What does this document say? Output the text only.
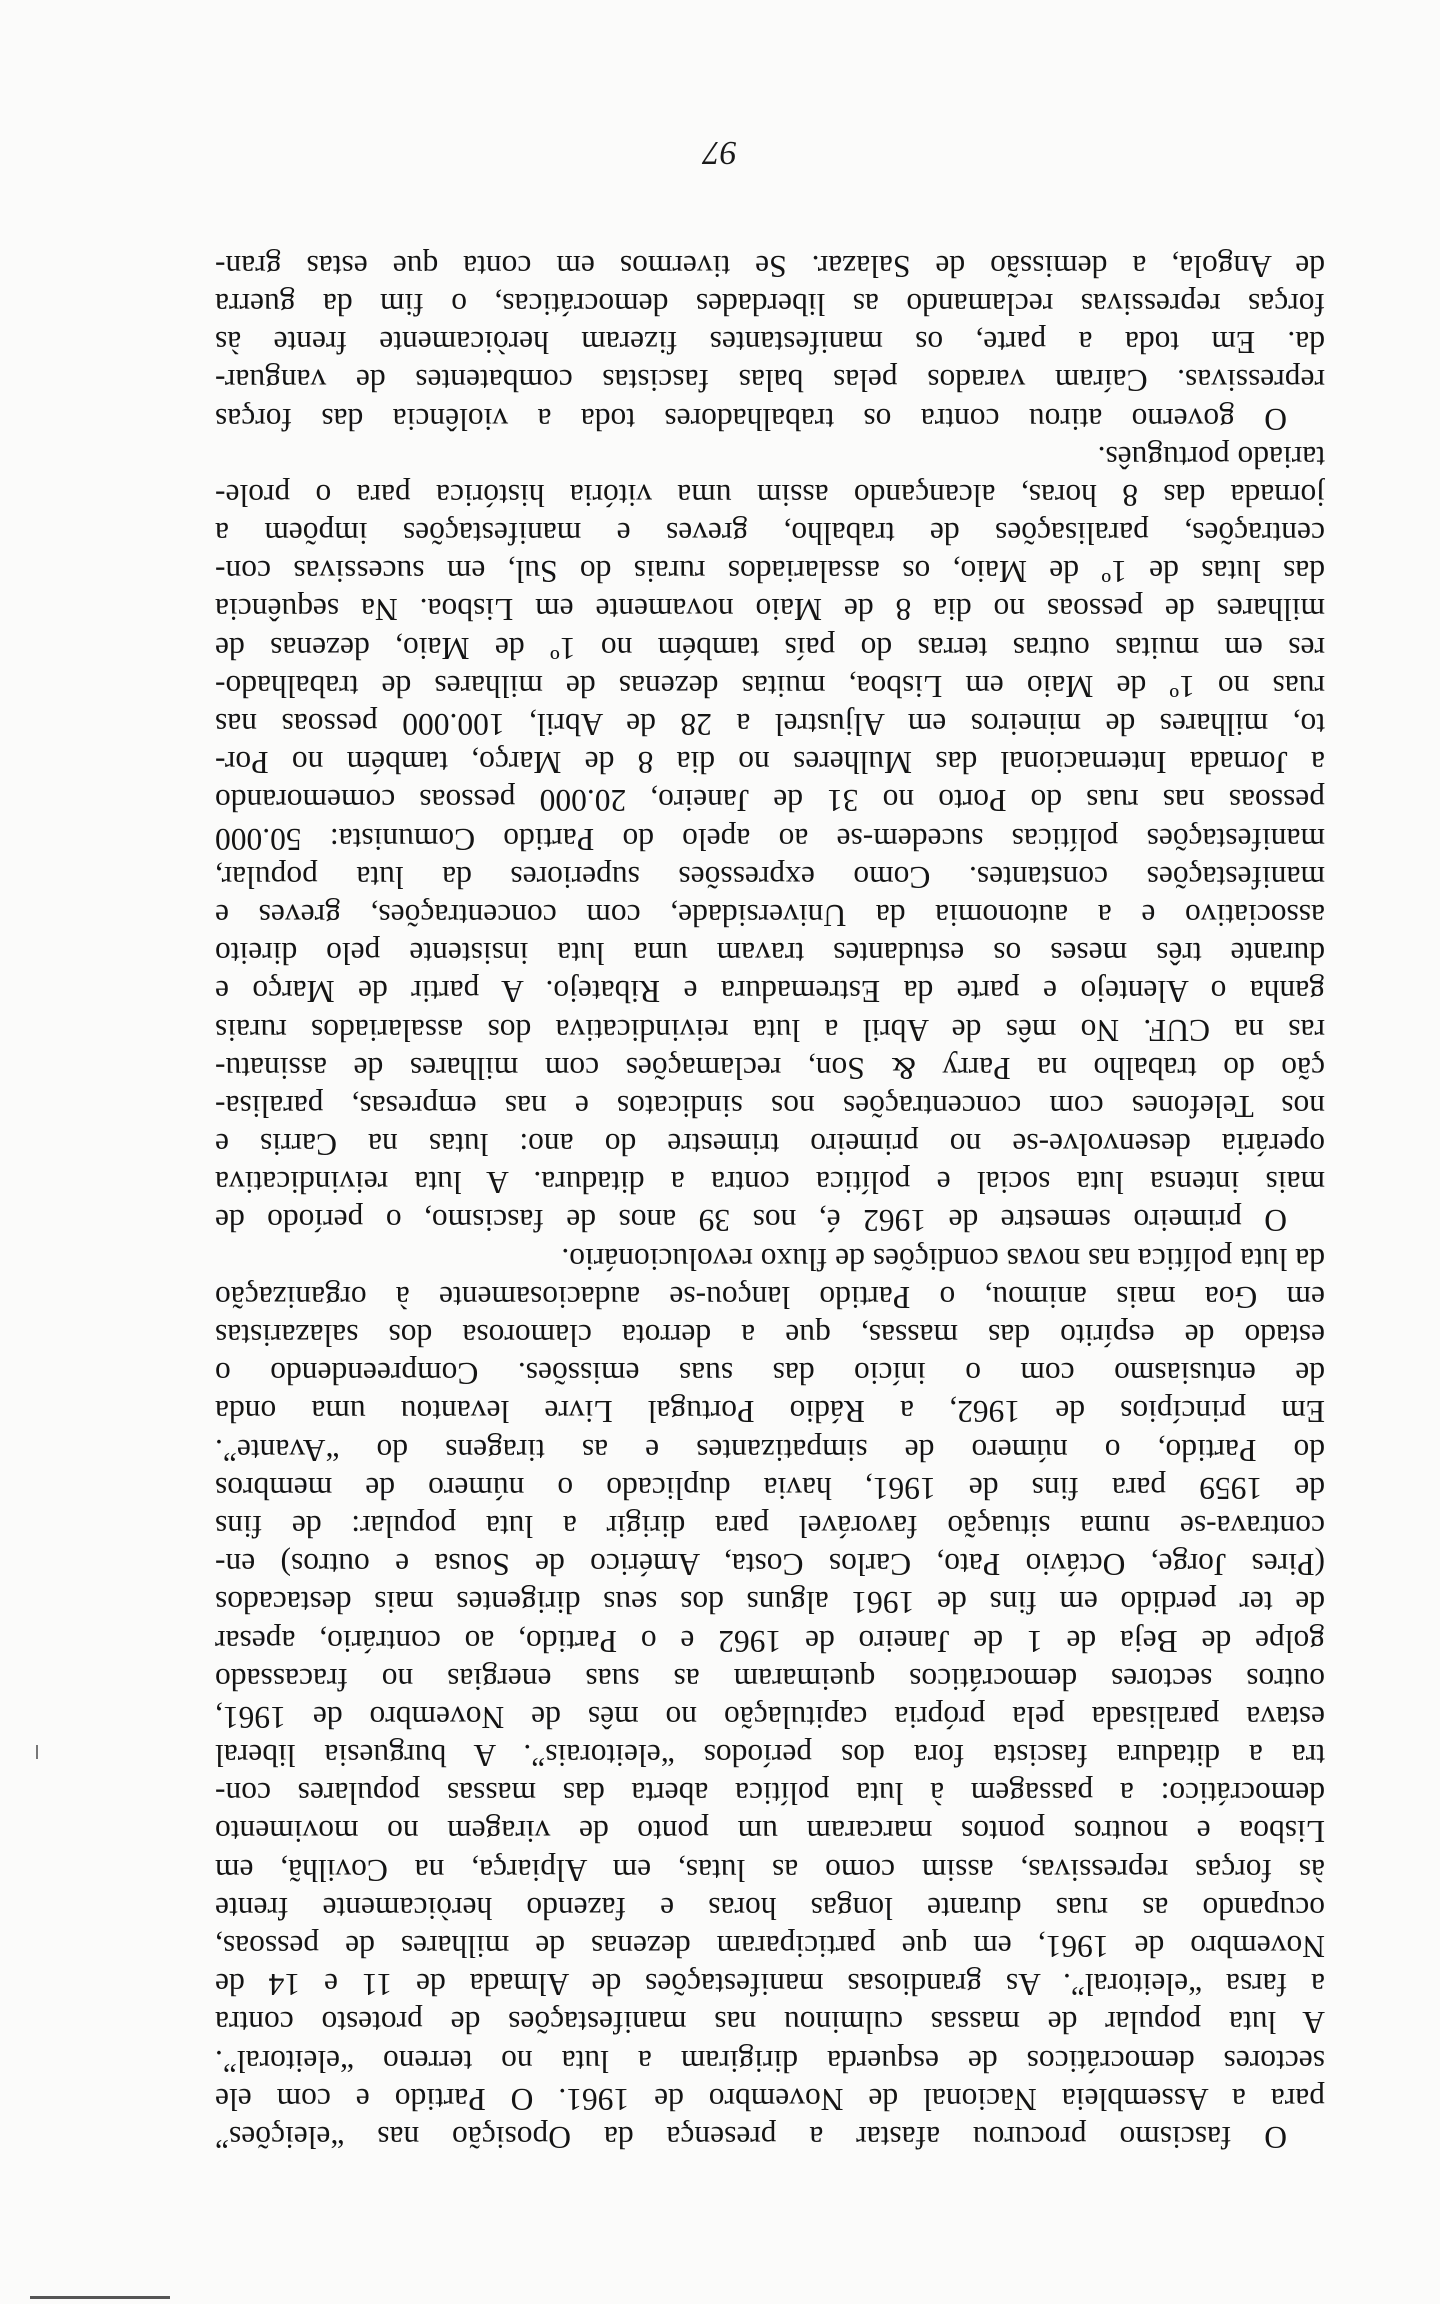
O fascismo procurou afastar a presença da Oposição nas “eleições”
para a Assembleia Nacional de Novembro de 1961. O Partido e com ele
sectores democráticos de esquerda dirigiram a luta no terreno “eleitoral”.
A luta popular de massas culminou nas manifestações de protesto contra
a farsa “eleitoral”. As grandiosas manifestações de Almada de 11 e 14 de
Novembro de 1961, em que participaram dezenas de milhares de pessoas,
ocupando as ruas durante longas horas e fazendo heròicamente frente
às forças repressivas, assim como as lutas, em Alpiarça, na Covilhã, em
Lisboa e noutros pontos marcaram um ponto de viragem no movimento
democrático: a passagem à luta política aberta das massas populares con-
tra a ditadura fascista fora dos períodos “eleitorais”. A burguesia liberal
estava paralisada pela própria capitulação no mês de Novembro de 1961,
outros sectores democráticos queimaram as suas energias no fracassado
golpe de Beja de 1 de Janeiro de 1962 e o Partido, ao contrário, apesar
de ter perdido em fins de 1961 alguns dos seus dirigentes mais destacados
(Pires Jorge, Octávio Pato, Carlos Costa, Américo de Sousa e outros) en-
contrava-se numa situação favorável para dirigir a luta popular: de fins
de 1959 para fins de 1961, havia duplicado o número de membros
do Partido, o número de simpatizantes e as tiragens do “Avante”.
Em princípios de 1962, a Rádio Portugal Livre levantou uma onda
de entusiasmo com o início das suas emissões. Compreendendo o
estado de espírito das massas, que a derrota clamorosa dos salazaristas
em Goa mais animou, o Partido lançou-se audaciosamente à organização
da luta política nas novas condições de fluxo revolucionário.
O primeiro semestre de 1962 é, nos 39 anos de fascismo, o período de
mais intensa luta social e política contra a ditadura. A luta reivindicativa
operária desenvolve-se no primeiro trimestre do ano: lutas na Carris e
nos Telefones com concentrações nos sindicatos e nas empresas, paralisa-
ção do trabalho na Parry & Son, reclamações com milhares de assinatu-
ras na CUF. No mês de Abril a luta reivindicativa dos assalariados rurais
ganha o Alentejo e parte da Estremadura e Ribatejo. A partir de Março e
durante três meses os estudantes travam uma luta insistente pelo direito
associativo e a autonomia da Universidade, com concentrações, greves e
manifestações constantes. Como expressões superiores da luta popular,
manifestações políticas sucedem-se ao apelo do Partido Comunista: 50.000
pessoas nas ruas do Porto no 31 de Janeiro, 20.000 pessoas comemorando
a Jornada Internacional das Mulheres no dia 8 de Março, também no Por-
to, milhares de mineiros em Aljustrel a 28 de Abril, 100.000 pessoas nas
ruas no 1º de Maio em Lisboa, muitas dezenas de milhares de trabalhado-
res em muitas outras terras do país também no 1º de Maio, dezenas de
milhares de pessoas no dia 8 de Maio novamente em Lisboa. Na sequência
das lutas de 1º de Maio, os assalariados rurais do Sul, em sucessivas con-
centrações, paralisações de trabalho, greves e manifestações impõem a
jornada das 8 horas, alcançando assim uma vitória histórica para o prole-
tariado português.
O governo atirou contra os trabalhadores toda a violência das forças
repressivas. Caíram varados pelas balas fascistas combatentes de vanguar-
da. Em toda a parte, os manifestantes fizeram heròicamente frente às
forças repressivas reclamando as liberdades democráticas, o fim da guerra
de Angola, a demissão de Salazar. Se tivermos em conta que estas gran-
97
